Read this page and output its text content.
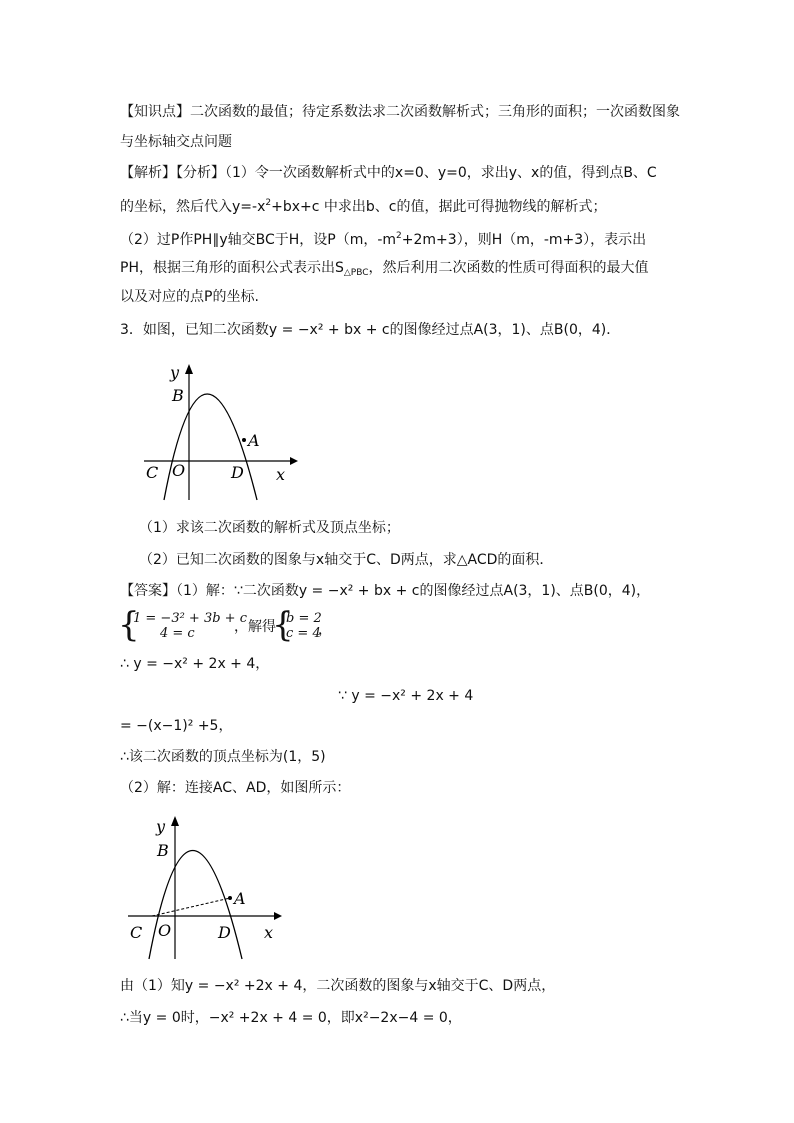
【知识点】二次函数的最值；待定系数法求二次函数解析式；三角形的面积；一次函数图象
与坐标轴交点问题
【解析】【分析】（1）令一次函数解析式中的x=0、y=0，求出y、x的值，得到点B、C
的坐标，然后代入$y=-x^2+bx+c$ 中求出b、c的值，据此可得抛物线的解析式；
（2）过P作PH∥y轴交BC于H，设P（m，$-m^2+2m+3$），则H（m，-m+3），表示出
PH，根据三角形的面积公式表示出$S_{\triangle PBC}$，然后利用二次函数的性质可得面积的最大值
以及对应的点P的坐标.
3．如图，已知二次函数y = −x² + bx + c的图像经过点A(3，1)、点B(0，4)．
y
B
A
C O	D x
（1）求该二次函数的解析式及顶点坐标；
（2）已知二次函数的图象与x轴交于C、D两点，求△ACD的面积．
【答案】（1）解：∵二次函数y = −x² + bx + c的图像经过点A(3，1)、点B(0，4)，
{
1 = −3² + 3b + c
4 = c	，解得
{
b = 2
c = 4
，
∴ y = −x² + 2x + 4，
∵ y = −x² + 2x + 4
= −(x−1)² +5，
∴该二次函数的顶点坐标为(1，5)
（2）解：连接AC、AD，如图所示：
y
B
A
C O	D x
由（1）知y = −x² +2x + 4，二次函数的图象与x轴交于C、D两点，
∴当y = 0时，−x² +2x + 4 = 0，即x²−2x−4 = 0，
